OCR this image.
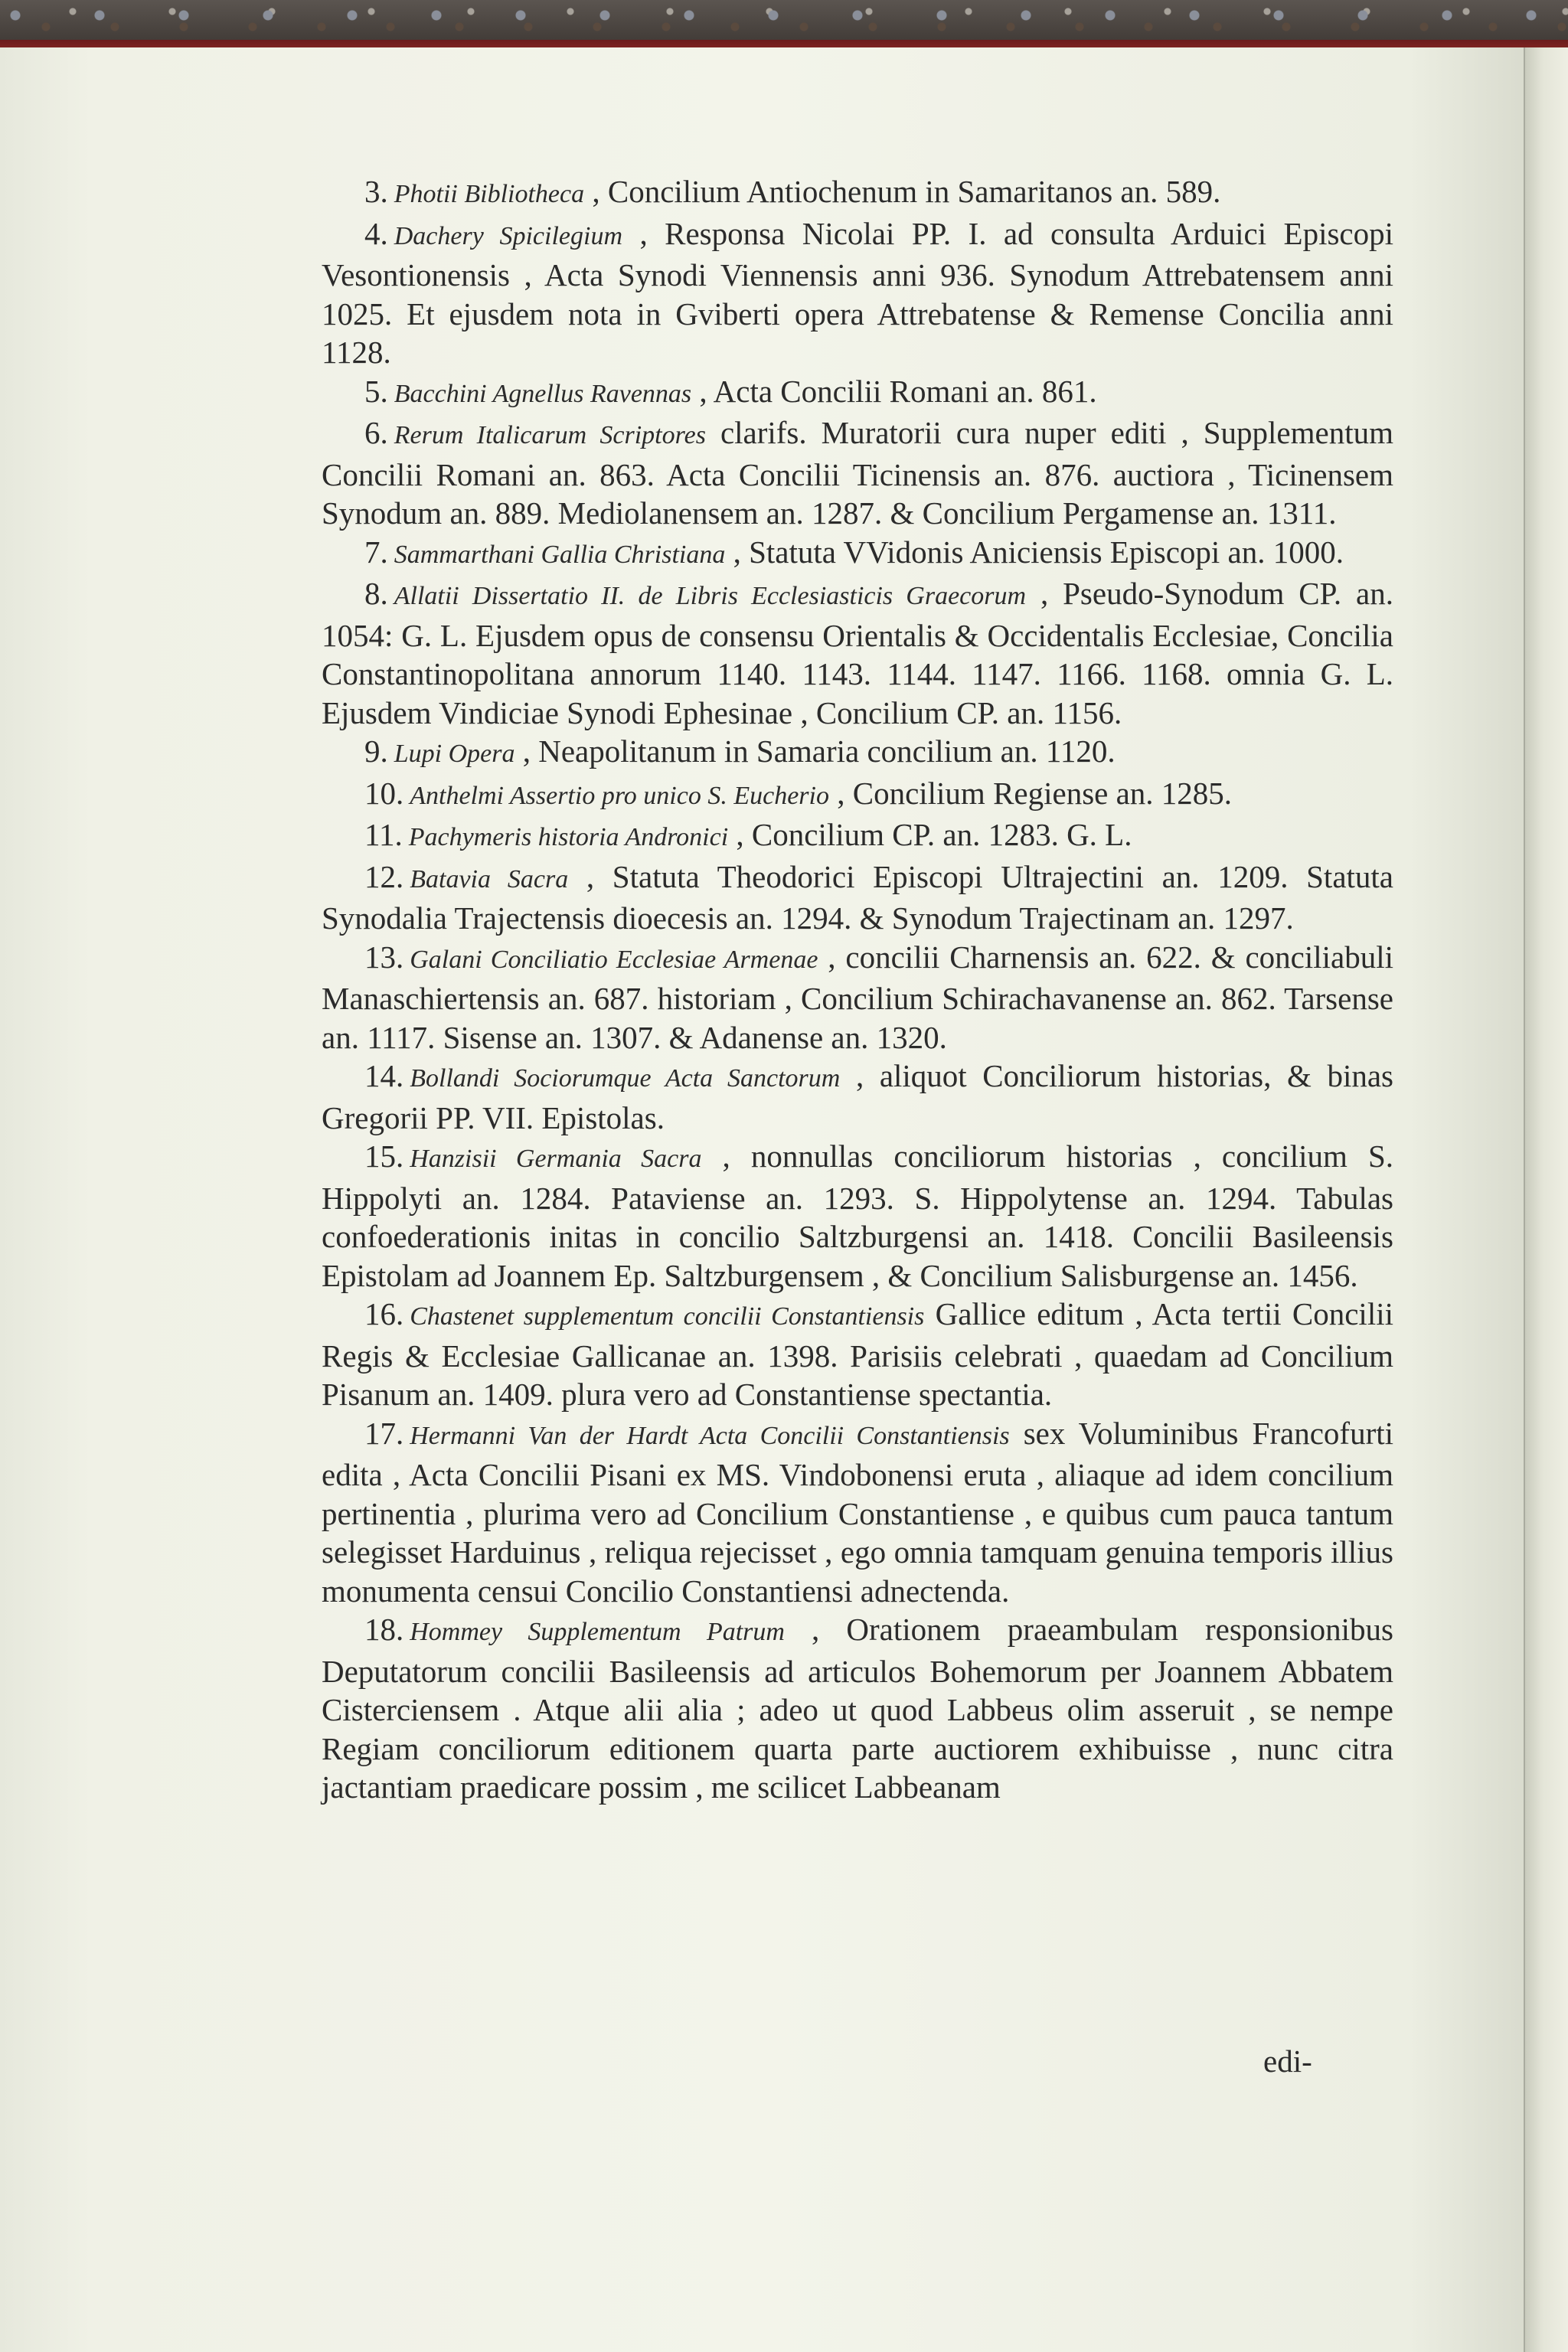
3. Photii Bibliotheca , Concilium Antiochenum in Samaritanos an. 589.

4. Dachery Spicilegium , Responsa Nicolai PP. I. ad consulta Arduici Episcopi Vesontionensis , Acta Synodi Viennensis anni 936. Synodum Attrebatensem anni 1025. Et ejusdem nota in Gviberti opera Attrebatense & Remense Concilia anni 1128.

5. Bacchini Agnellus Ravennas , Acta Concilii Romani an. 861.

6. Rerum Italicarum Scriptores clarifs. Muratorii cura nuper editi , Supplementum Concilii Romani an. 863. Acta Concilii Ticinensis an. 876. auctiora , Ticinensem Synodum an. 889. Mediolanensem an. 1287. & Concilium Pergamense an. 1311.

7. Sammarthani Gallia Christiana , Statuta VVidonis Aniciensis Episcopi an. 1000.

8. Allatii Dissertatio II. de Libris Ecclesiasticis Graecorum , Pseudo-Synodum CP. an. 1054: G. L. Ejusdem opus de consensu Orientalis & Occidentalis Ecclesiae, Concilia Constantinopolitana annorum 1140. 1143. 1144. 1147. 1166. 1168. omnia G. L. Ejusdem Vindiciae Synodi Ephesinae , Concilium CP. an. 1156.

9. Lupi Opera , Neapolitanum in Samaria concilium an. 1120.

10. Anthelmi Assertio pro unico S. Eucherio , Concilium Regiense an. 1285.

11. Pachymeris historia Andronici , Concilium CP. an. 1283. G. L.

12. Batavia Sacra , Statuta Theodorici Episcopi Ultrajectini an. 1209. Statuta Synodalia Trajectensis dioecesis an. 1294. & Synodum Trajectinam an. 1297.

13. Galani Conciliatio Ecclesiae Armenae , concilii Charnensis an. 622. & conciliabuli Manaschiertensis an. 687. historiam , Concilium Schirachavanense an. 862. Tarsense an. 1117. Sisense an. 1307. & Adanense an. 1320.

14. Bollandi Sociorumque Acta Sanctorum , aliquot Conciliorum historias, & binas Gregorii PP. VII. Epistolas.

15. Hanzisii Germania Sacra , nonnullas conciliorum historias , concilium S. Hippolyti an. 1284. Pataviense an. 1293. S. Hippolytense an. 1294. Tabulas confoederationis initas in concilio Saltzburgensi an. 1418. Concilii Basileensis Epistolam ad Joannem Ep. Saltzburgensem , & Concilium Salisburgense an. 1456.

16. Chastenet supplementum concilii Constantiensis Gallice editum , Acta tertii Concilii Regis & Ecclesiae Gallicanae an. 1398. Parisiis celebrati , quaedam ad Concilium Pisanum an. 1409. plura vero ad Constantiense spectantia.

17. Hermanni Van der Hardt Acta Concilii Constantiensis sex Voluminibus Francofurti edita , Acta Concilii Pisani ex MS. Vindobonensi eruta , aliaque ad idem concilium pertinentia , plurima vero ad Concilium Constantiense , e quibus cum pauca tantum selegisset Harduinus , reliqua rejecisset , ego omnia tamquam genuina temporis illius monumenta censui Concilio Constantiensi adnectenda.

18. Hommey Supplementum Patrum , Orationem praeambulam responsionibus Deputatorum concilii Basileensis ad articulos Bohemorum per Joannem Abbatem Cisterciensem . Atque alii alia ; adeo ut quod Labbeus olim asseruit , se nempe Regiam conciliorum editionem quarta parte auctiorem exhibuisse , nunc citra jactantiam praedicare possim , me scilicet Labbeanam

edi-
